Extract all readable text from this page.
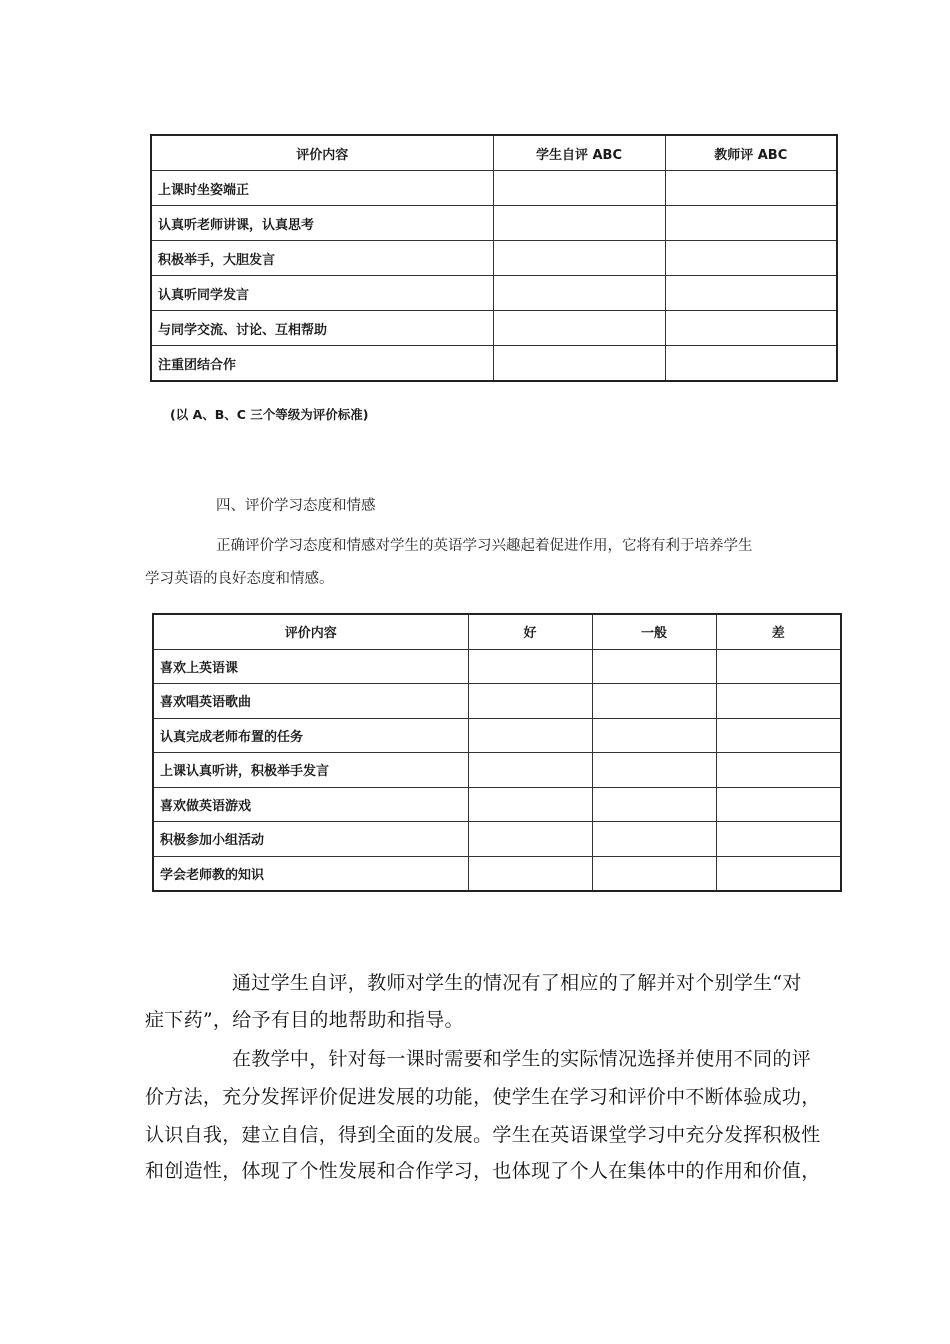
评价内容	学生自评 ABC	教师评 ABC
上课时坐姿端正		
认真听老师讲课，认真思考		
积极举手，大胆发言		
认真听同学发言		
与同学交流、讨论、互相帮助		
注重团结合作		
(以 A、B、C 三个等级为评价标准)
四、评价学习态度和情感
正确评价学习态度和情感对学生的英语学习兴趣起着促进作用，它将有利于培养学生
学习英语的良好态度和情感。
评价内容	好	一般	差
喜欢上英语课			
喜欢唱英语歌曲			
认真完成老师布置的任务			
上课认真听讲，积极举手发言			
喜欢做英语游戏			
积极参加小组活动			
学会老师教的知识			
通过学生自评，教师对学生的情况有了相应的了解并对个别学生“对
症下药”，给予有目的地帮助和指导。
在教学中，针对每一课时需要和学生的实际情况选择并使用不同的评
价方法，充分发挥评价促进发展的功能，使学生在学习和评价中不断体验成功，
认识自我，建立自信，得到全面的发展。学生在英语课堂学习中充分发挥积极性
和创造性，体现了个性发展和合作学习，也体现了个人在集体中的作用和价值，
